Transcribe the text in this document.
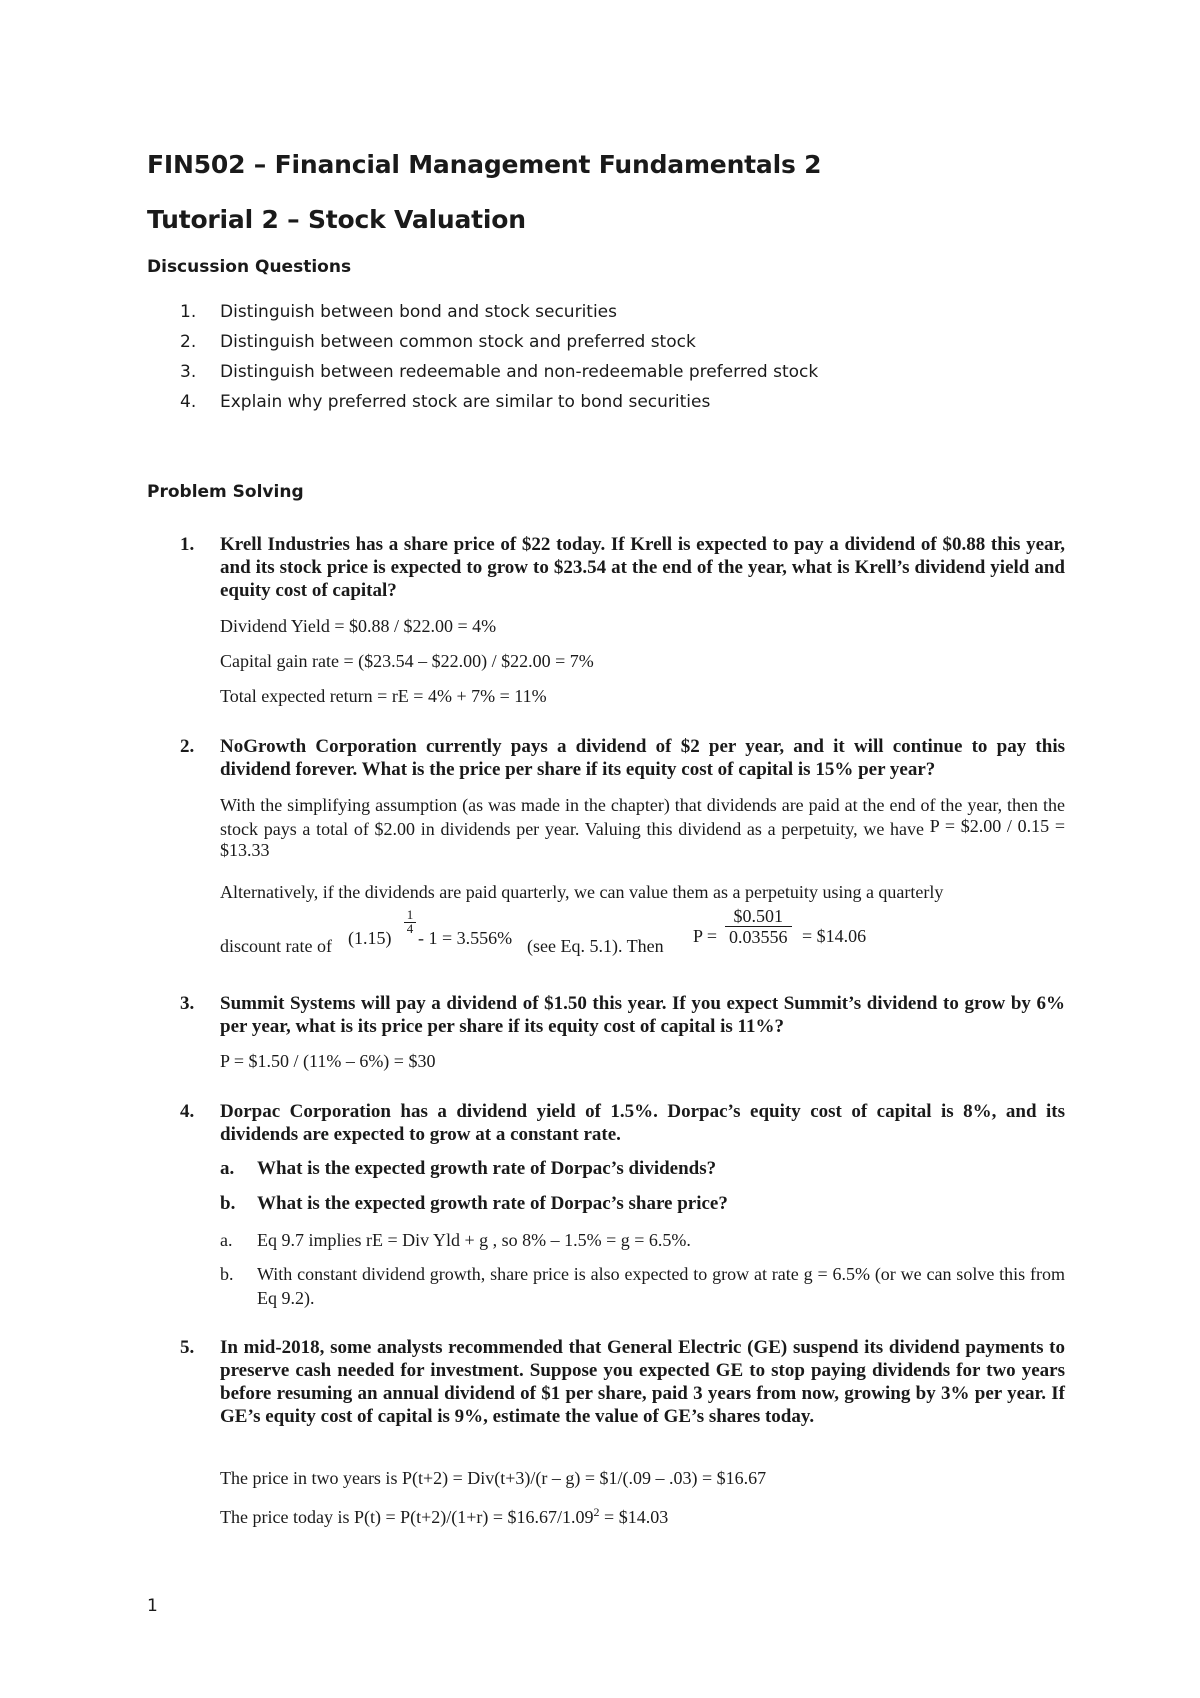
FIN502 – Financial Management Fundamentals 2
Tutorial 2 – Stock Valuation
Discussion Questions
1. Distinguish between bond and stock securities
2. Distinguish between common stock and preferred stock
3. Distinguish between redeemable and non-redeemable preferred stock
4. Explain why preferred stock are similar to bond securities
Problem Solving
1. Krell Industries has a share price of $22 today. If Krell is expected to pay a dividend of $0.88 this year, and its stock price is expected to grow to $23.54 at the end of the year, what is Krell’s dividend yield and equity cost of capital?
Dividend Yield = $0.88 / $22.00 = 4%
Capital gain rate = ($23.54 – $22.00) / $22.00 = 7%
Total expected return = rE = 4% + 7% = 11%
2. NoGrowth Corporation currently pays a dividend of $2 per year, and it will continue to pay this dividend forever. What is the price per share if its equity cost of capital is 15% per year?
With the simplifying assumption (as was made in the chapter) that dividends are paid at the end of the year, then the stock pays a total of $2.00 in dividends per year. Valuing this dividend as a perpetuity, we have P = $2.00 / 0.15 = $13.33
Alternatively, if the dividends are paid quarterly, we can value them as a perpetuity using a quarterly
discount rate of (1.15)
1
4 - 1 = 3.556% (see Eq. 5.1). Then $P = \frac{\$0.501}{0.03556}$ = $14.06
3. Summit Systems will pay a dividend of $1.50 this year. If you expect Summit’s dividend to grow by 6% per year, what is its price per share if its equity cost of capital is 11%?
P = $1.50 / (11% – 6%) = $30
4. Dorpac Corporation has a dividend yield of 1.5%. Dorpac’s equity cost of capital is 8%, and its dividends are expected to grow at a constant rate.
a. What is the expected growth rate of Dorpac’s dividends?
b. What is the expected growth rate of Dorpac’s share price?
a. Eq 9.7 implies rE = Div Yld + g , so 8% – 1.5% = g = 6.5%.
b. With constant dividend growth, share price is also expected to grow at rate g = 6.5% (or we can solve this from Eq 9.2).
5. In mid-2018, some analysts recommended that General Electric (GE) suspend its dividend payments to preserve cash needed for investment. Suppose you expected GE to stop paying dividends for two years before resuming an annual dividend of $1 per share, paid 3 years from now, growing by 3% per year. If GE’s equity cost of capital is 9%, estimate the value of GE’s shares today.
The price in two years is P(t+2) = Div(t+3)/(r – g) = $1/(.09 – .03) = $16.67
The price today is $P(t) = P(t+2)/(1+r) = \$16.67/1.09^2$ = $14.03
1
